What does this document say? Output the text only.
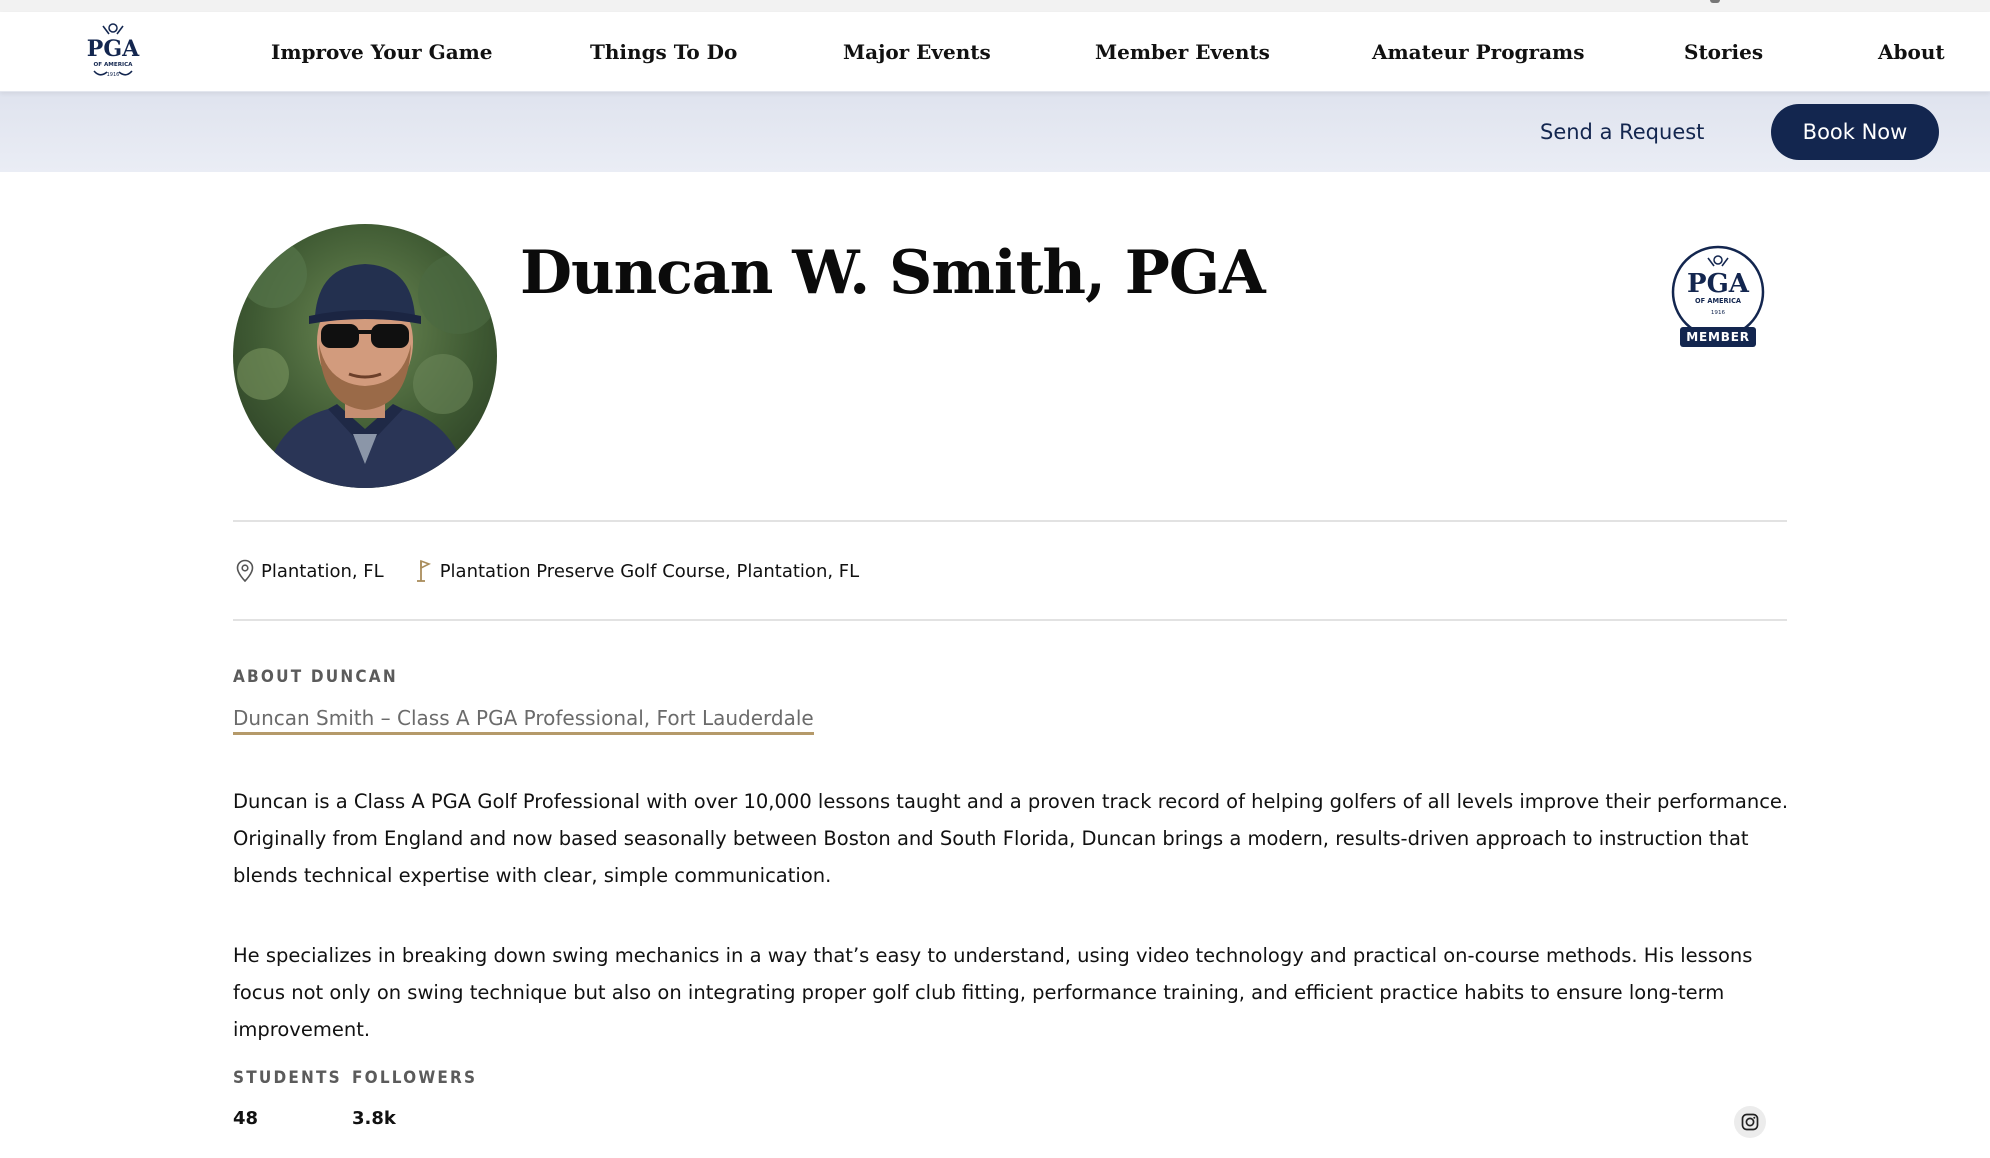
PGA
OF AMERICA
1916
Improve Your Game	Things To Do	Major Events	Member Events	Amateur Programs	Stories	About
Send a Request	Book Now
Duncan W. Smith, PGA	PGA
OF AMERICA
1916
MEMBER
Plantation, FL	Plantation Preserve Golf Course, Plantation, FL
ABOUT DUNCAN
Duncan Smith – Class A PGA Professional, Fort Lauderdale

Duncan is a Class A PGA Golf Professional with over 10,000 lessons taught and a proven track record of helping golfers of all levels improve their performance. Originally from England and now based seasonally between Boston and South Florida, Duncan brings a modern, results-driven approach to instruction that blends technical expertise with clear, simple communication.

He specializes in breaking down swing mechanics in a way that’s easy to understand, using video technology and practical on-course methods. His lessons focus not only on swing technique but also on integrating proper golf club fitting, performance training, and efficient practice habits to ensure long-term improvement.

STUDENTS FOLLOWERS
48	3.8k
